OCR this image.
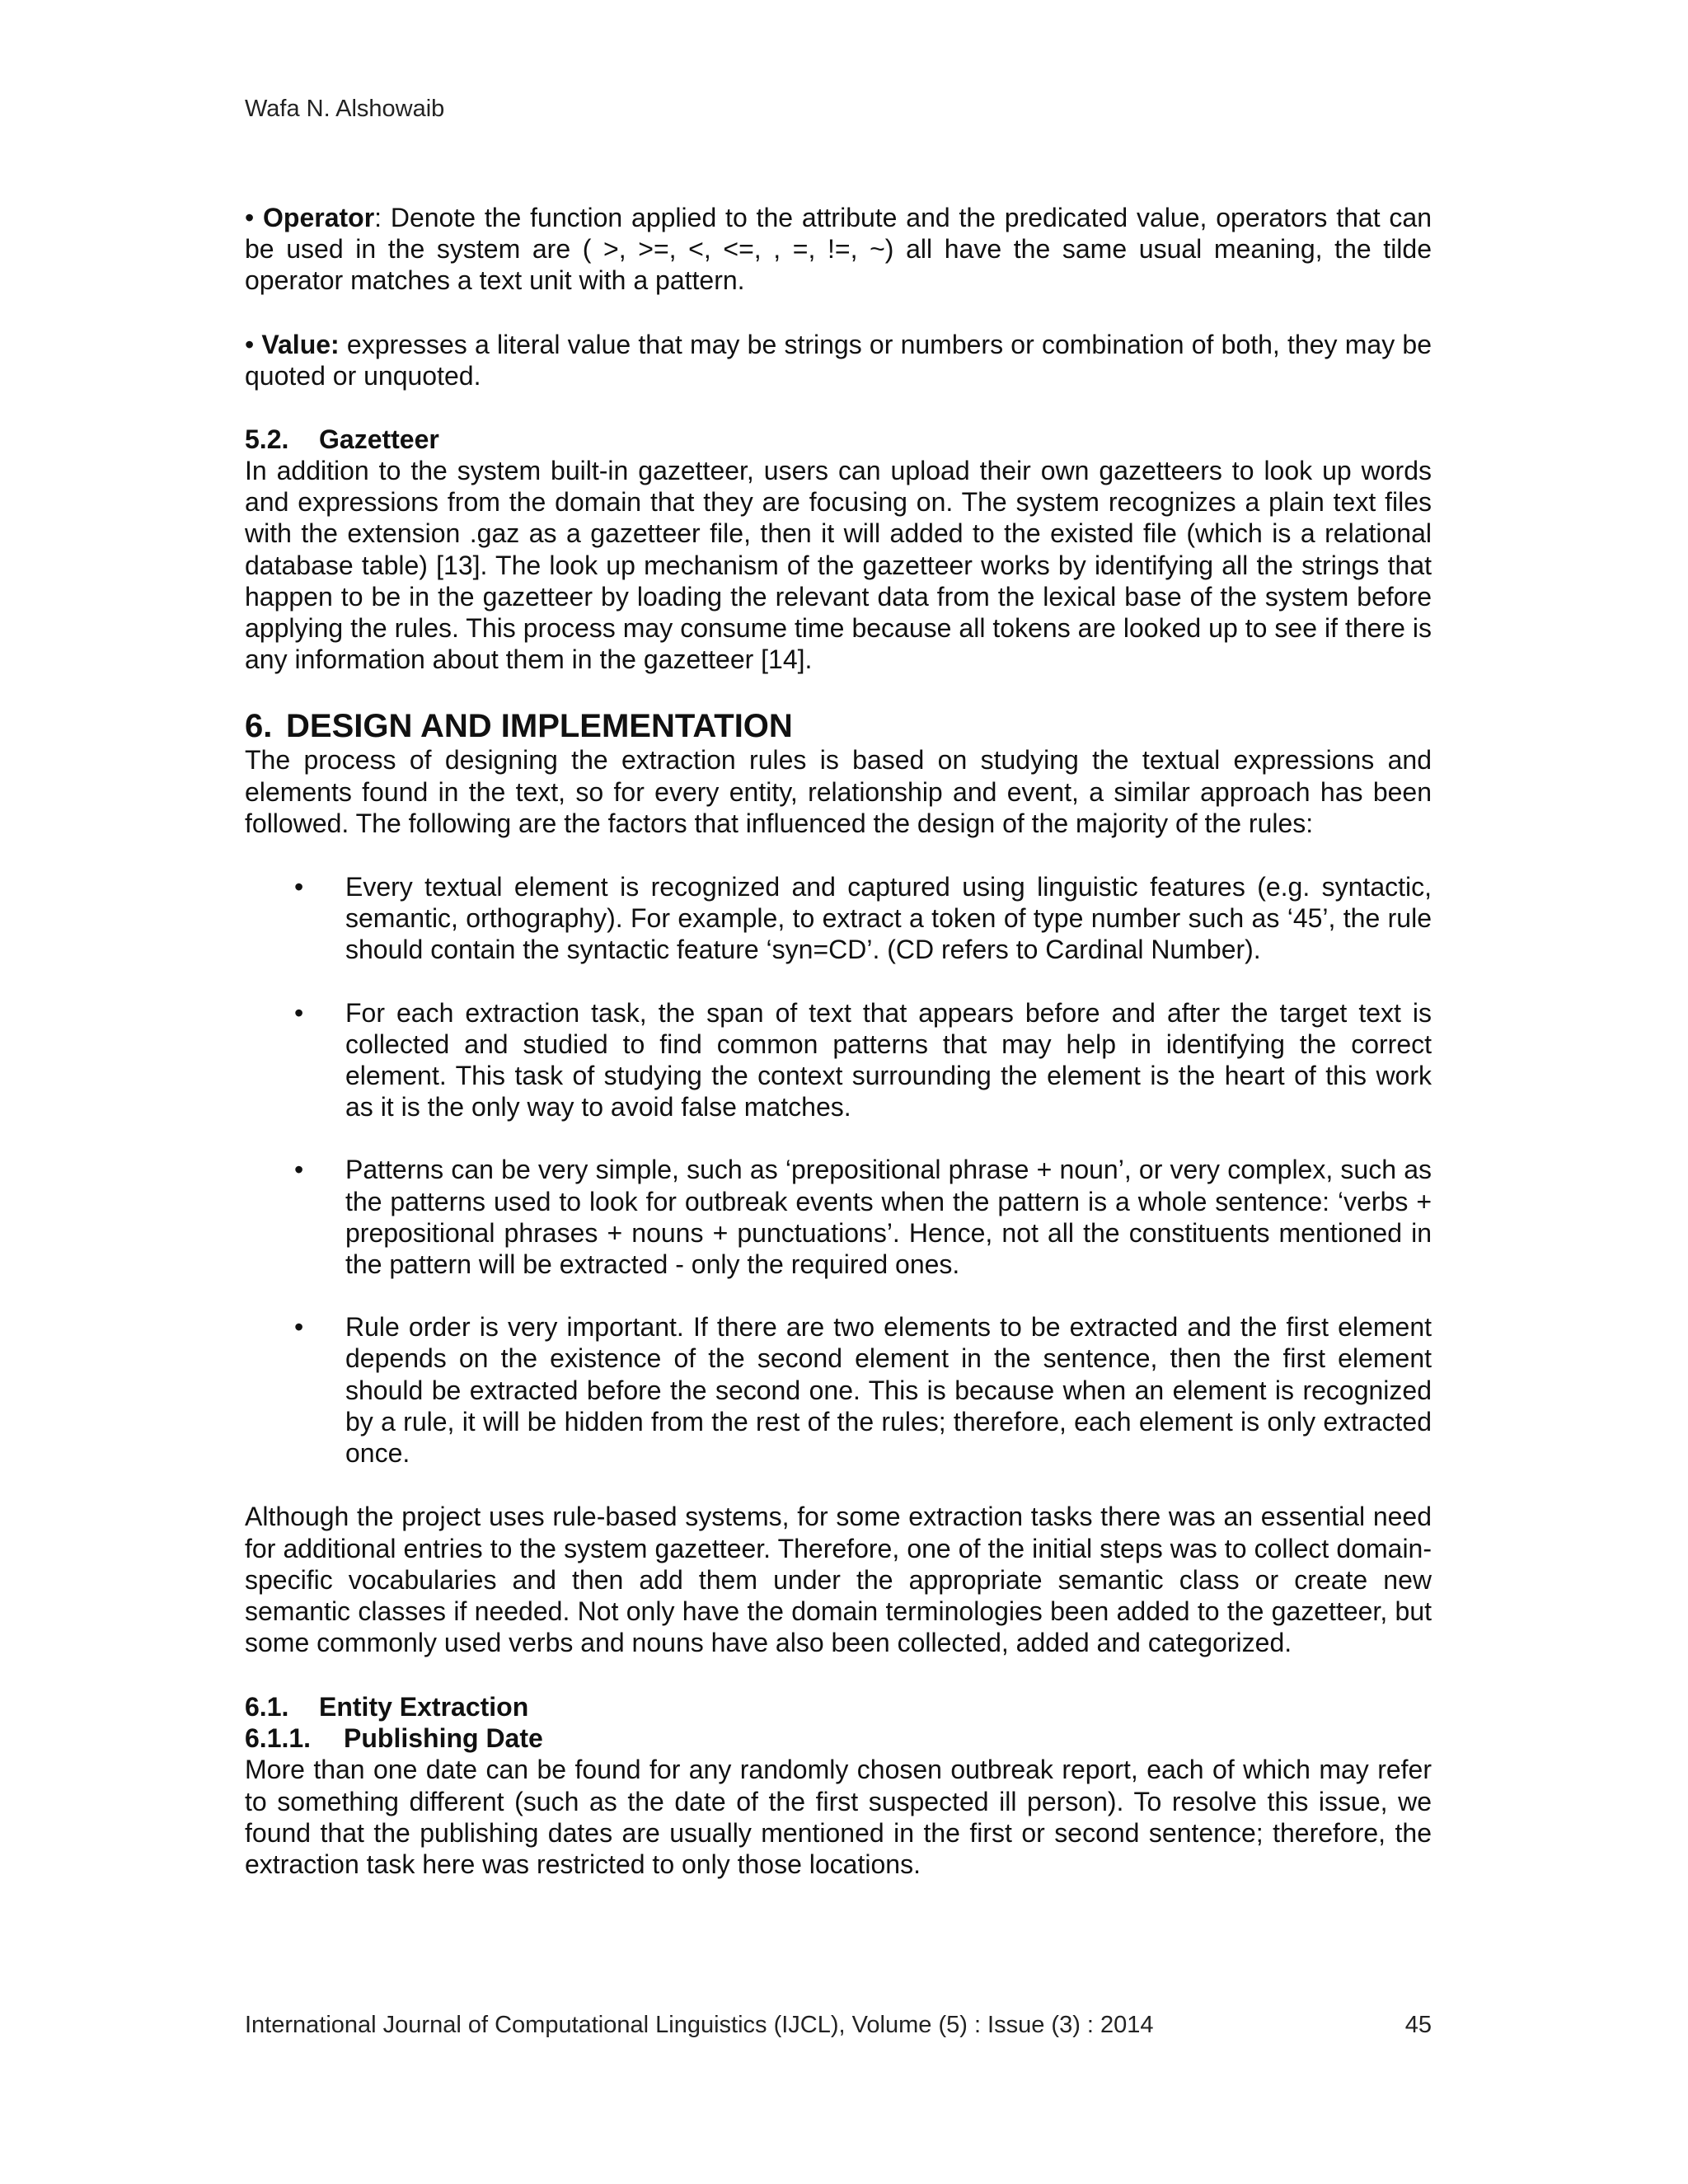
Wafa N. Alshowaib

• Operator: Denote the function applied to the attribute and the predicated value, operators that can be used in the system are ( >, >=, <, <=, , =, !=, ~) all have the same usual meaning, the tilde operator matches a text unit with a pattern.

• Value: expresses a literal value that may be strings or numbers or combination of both, they may be quoted or unquoted.

5.2. Gazetteer

In addition to the system built-in gazetteer, users can upload their own gazetteers to look up words and expressions from the domain that they are focusing on. The system recognizes a plain text files with the extension .gaz as a gazetteer file, then it will added to the existed file (which is a relational database table) [13]. The look up mechanism of the gazetteer works by identifying all the strings that happen to be in the gazetteer by loading the relevant data from the lexical base of the system before applying the rules. This process may consume time because all tokens are looked up to see if there is any information about them in the gazetteer [14].

6. DESIGN AND IMPLEMENTATION

The process of designing the extraction rules is based on studying the textual expressions and elements found in the text, so for every entity, relationship and event, a similar approach has been followed. The following are the factors that influenced the design of the majority of the rules:

• Every textual element is recognized and captured using linguistic features (e.g. syntactic, semantic, orthography). For example, to extract a token of type number such as ‘45’, the rule should contain the syntactic feature ‘syn=CD’. (CD refers to Cardinal Number).
• For each extraction task, the span of text that appears before and after the target text is collected and studied to find common patterns that may help in identifying the correct element. This task of studying the context surrounding the element is the heart of this work as it is the only way to avoid false matches.
• Patterns can be very simple, such as ‘prepositional phrase + noun’, or very complex, such as the patterns used to look for outbreak events when the pattern is a whole sentence: ‘verbs + prepositional phrases + nouns + punctuations’. Hence, not all the constituents mentioned in the pattern will be extracted - only the required ones.
• Rule order is very important. If there are two elements to be extracted and the first element depends on the existence of the second element in the sentence, then the first element should be extracted before the second one. This is because when an element is recognized by a rule, it will be hidden from the rest of the rules; therefore, each element is only extracted once.

Although the project uses rule-based systems, for some extraction tasks there was an essential need for additional entries to the system gazetteer. Therefore, one of the initial steps was to collect domain-specific vocabularies and then add them under the appropriate semantic class or create new semantic classes if needed. Not only have the domain terminologies been added to the gazetteer, but some commonly used verbs and nouns have also been collected, added and categorized.

6.1. Entity Extraction
6.1.1. Publishing Date

More than one date can be found for any randomly chosen outbreak report, each of which may refer to something different (such as the date of the first suspected ill person). To resolve this issue, we found that the publishing dates are usually mentioned in the first or second sentence; therefore, the extraction task here was restricted to only those locations.

International Journal of Computational Linguistics (IJCL), Volume (5) : Issue (3) : 2014	45
